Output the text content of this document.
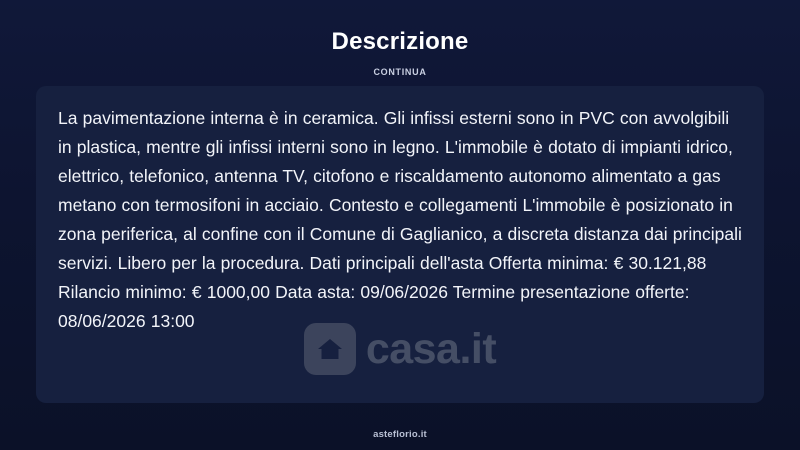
Descrizione
CONTINUA

La pavimentazione interna è in ceramica. Gli infissi esterni sono in PVC con avvolgibili in plastica, mentre gli infissi interni sono in legno. L'immobile è dotato di impianti idrico, elettrico, telefonico, antenna TV, citofono e riscaldamento autonomo alimentato a gas metano con termosifoni in acciaio. Contesto e collegamenti L'immobile è posizionato in zona periferica, al confine con il Comune di Gaglianico, a discreta distanza dai principali servizi. Libero per la procedura. Dati principali dell'asta Offerta minima: € 30.121,88 Rilancio minimo: € 1000,00 Data asta: 09/06/2026 Termine presentazione offerte: 08/06/2026 13:00

casa.it
asteflorio.it
